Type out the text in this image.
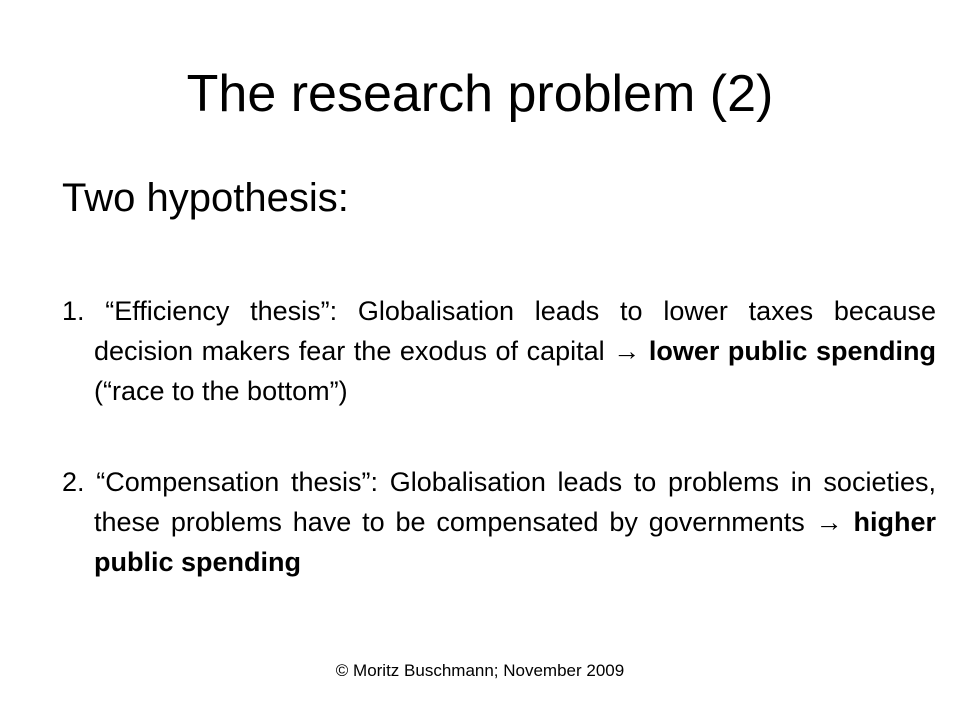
The research problem (2)
Two hypothesis:
1. “Efficiency thesis”: Globalisation leads to lower taxes because decision makers fear the exodus of capital → lower public spending (“race to the bottom”)
2. “Compensation thesis”: Globalisation leads to problems in societies, these problems have to be compensated by governments → higher public spending
© Moritz Buschmann; November 2009
